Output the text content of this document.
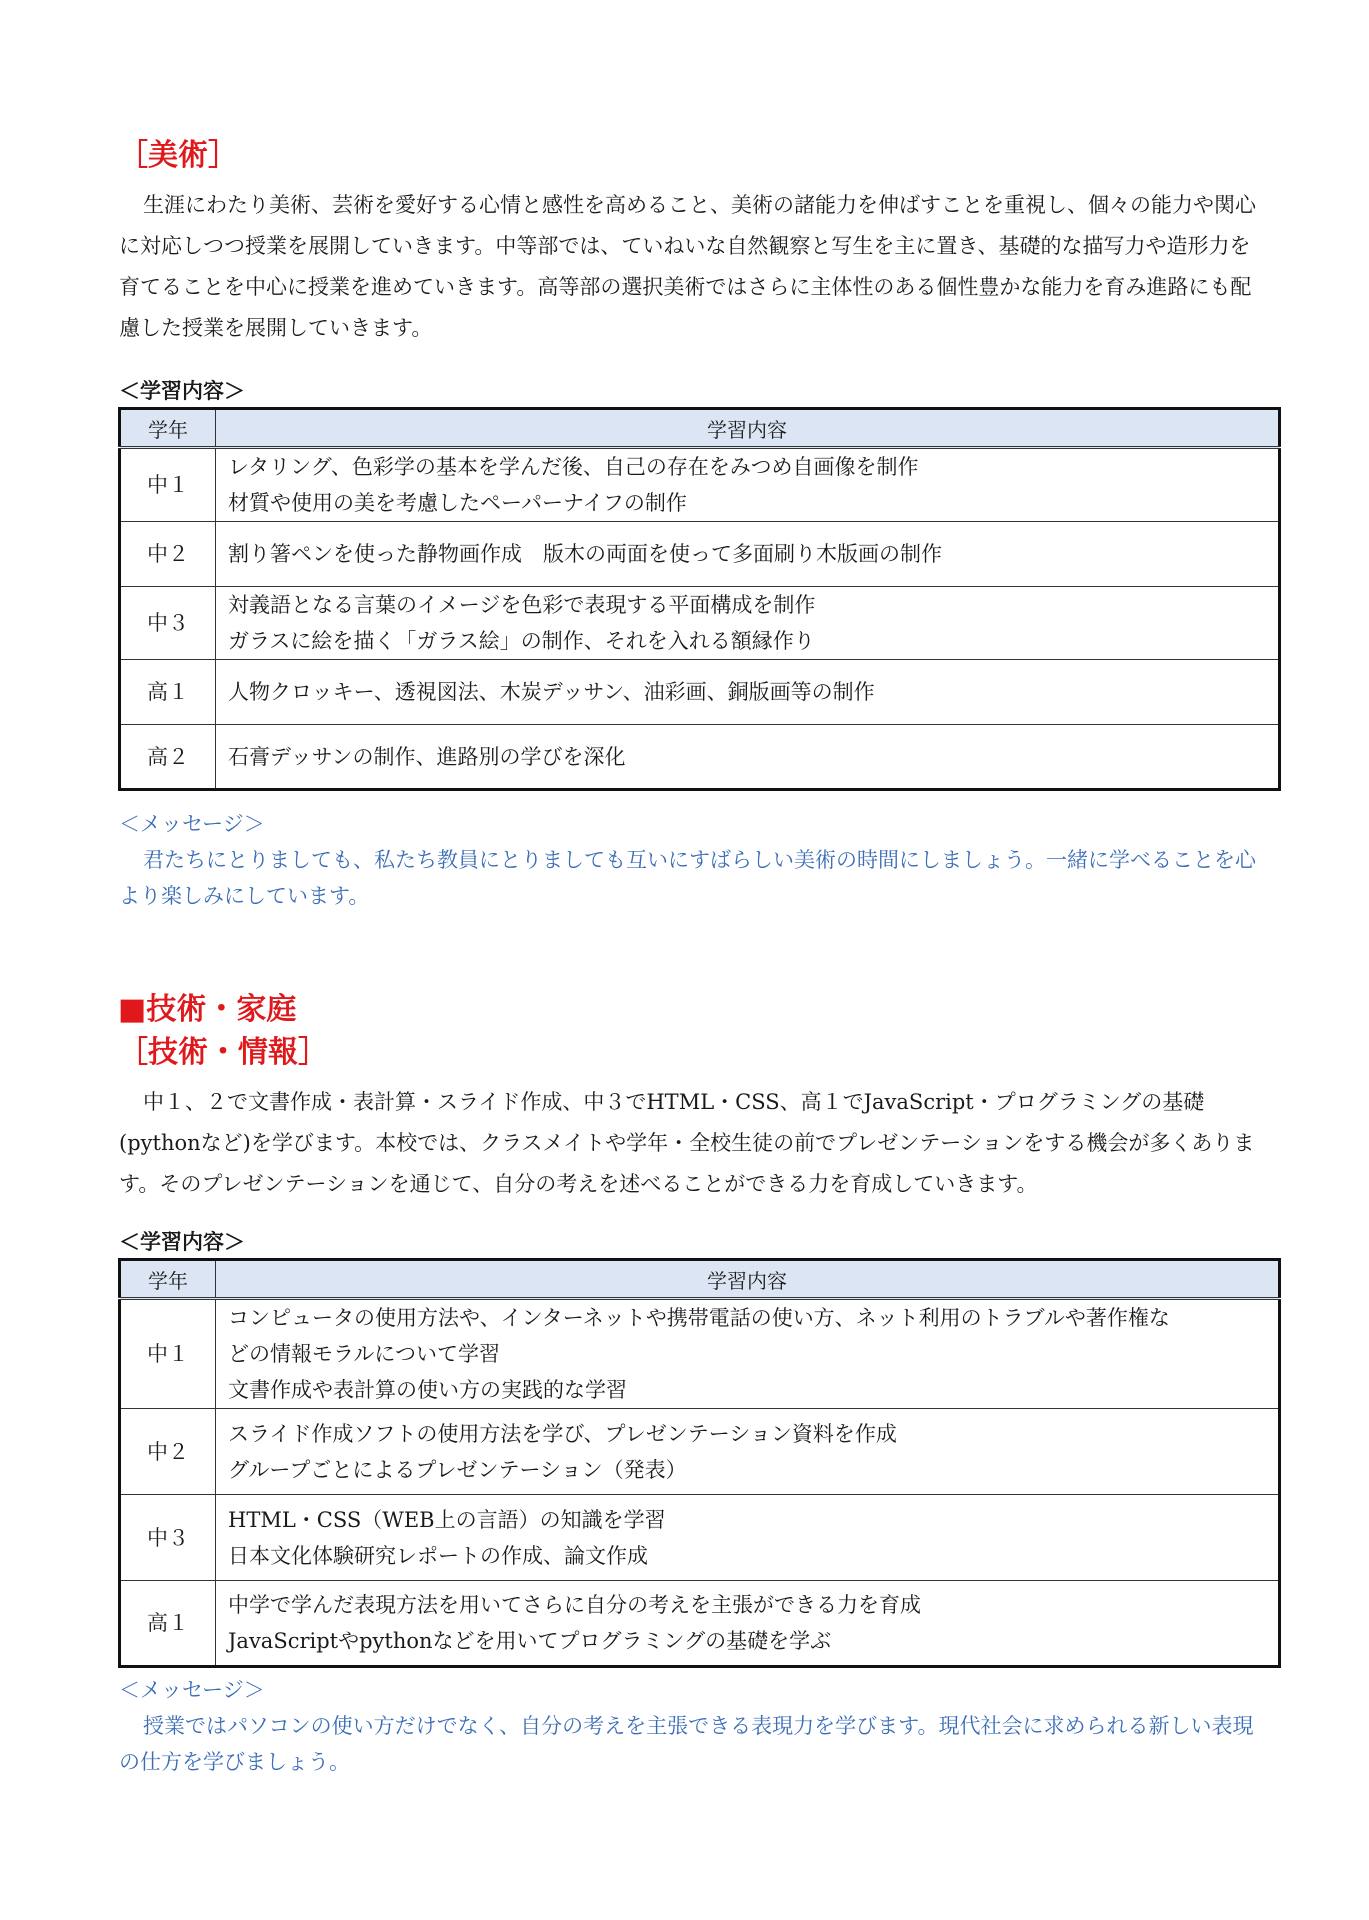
［美術］

生涯にわたり美術、芸術を愛好する心情と感性を高めること、美術の諸能力を伸ばすことを重視し、個々の能力や関心に対応しつつ授業を展開していきます。中等部では、ていねいな自然観察と写生を主に置き、基礎的な描写力や造形力を育てることを中心に授業を進めていきます。高等部の選択美術ではさらに主体性のある個性豊かな能力を育み進路にも配慮した授業を展開していきます。

＜学習内容＞
学年	学習内容
中１	レタリング、色彩学の基本を学んだ後、自己の存在をみつめ自画像を制作
材質や使用の美を考慮したペーパーナイフの制作

中２	割り箸ペンを使った静物画作成　版木の両面を使って多面刷り木版画の制作

中３	対義語となる言葉のイメージを色彩で表現する平面構成を制作
ガラスに絵を描く「ガラス絵」の制作、それを入れる額縁作り

高１	人物クロッキー、透視図法、木炭デッサン、油彩画、銅版画等の制作

高２	石膏デッサンの制作、進路別の学びを深化

＜メッセージ＞

君たちにとりましても、私たち教員にとりましても互いにすばらしい美術の時間にしましょう。一緒に学べることを心より楽しみにしています。

■技術・家庭
［技術・情報］

中１、２で文書作成・表計算・スライド作成、中３でHTML・CSS、高１でJavaScript・プログラミングの基礎(pythonなど)を学びます。本校では、クラスメイトや学年・全校生徒の前でプレゼンテーションをする機会が多くあります。そのプレゼンテーションを通じて、自分の考えを述べることができる力を育成していきます。

＜学習内容＞
学年	学習内容
中１	コンピュータの使用方法や、インターネットや携帯電話の使い方、ネット利用のトラブルや著作権な
どの情報モラルについて学習
文書作成や表計算の使い方の実践的な学習

中２	スライド作成ソフトの使用方法を学び、プレゼンテーション資料を作成
グループごとによるプレゼンテーション（発表）

中３	HTML・CSS（WEB上の言語）の知識を学習
日本文化体験研究レポートの作成、論文作成

高１	中学で学んだ表現方法を用いてさらに自分の考えを主張ができる力を育成
JavaScriptやpythonなどを用いてプログラミングの基礎を学ぶ

＜メッセージ＞

授業ではパソコンの使い方だけでなく、自分の考えを主張できる表現力を学びます。現代社会に求められる新しい表現の仕方を学びましょう。
